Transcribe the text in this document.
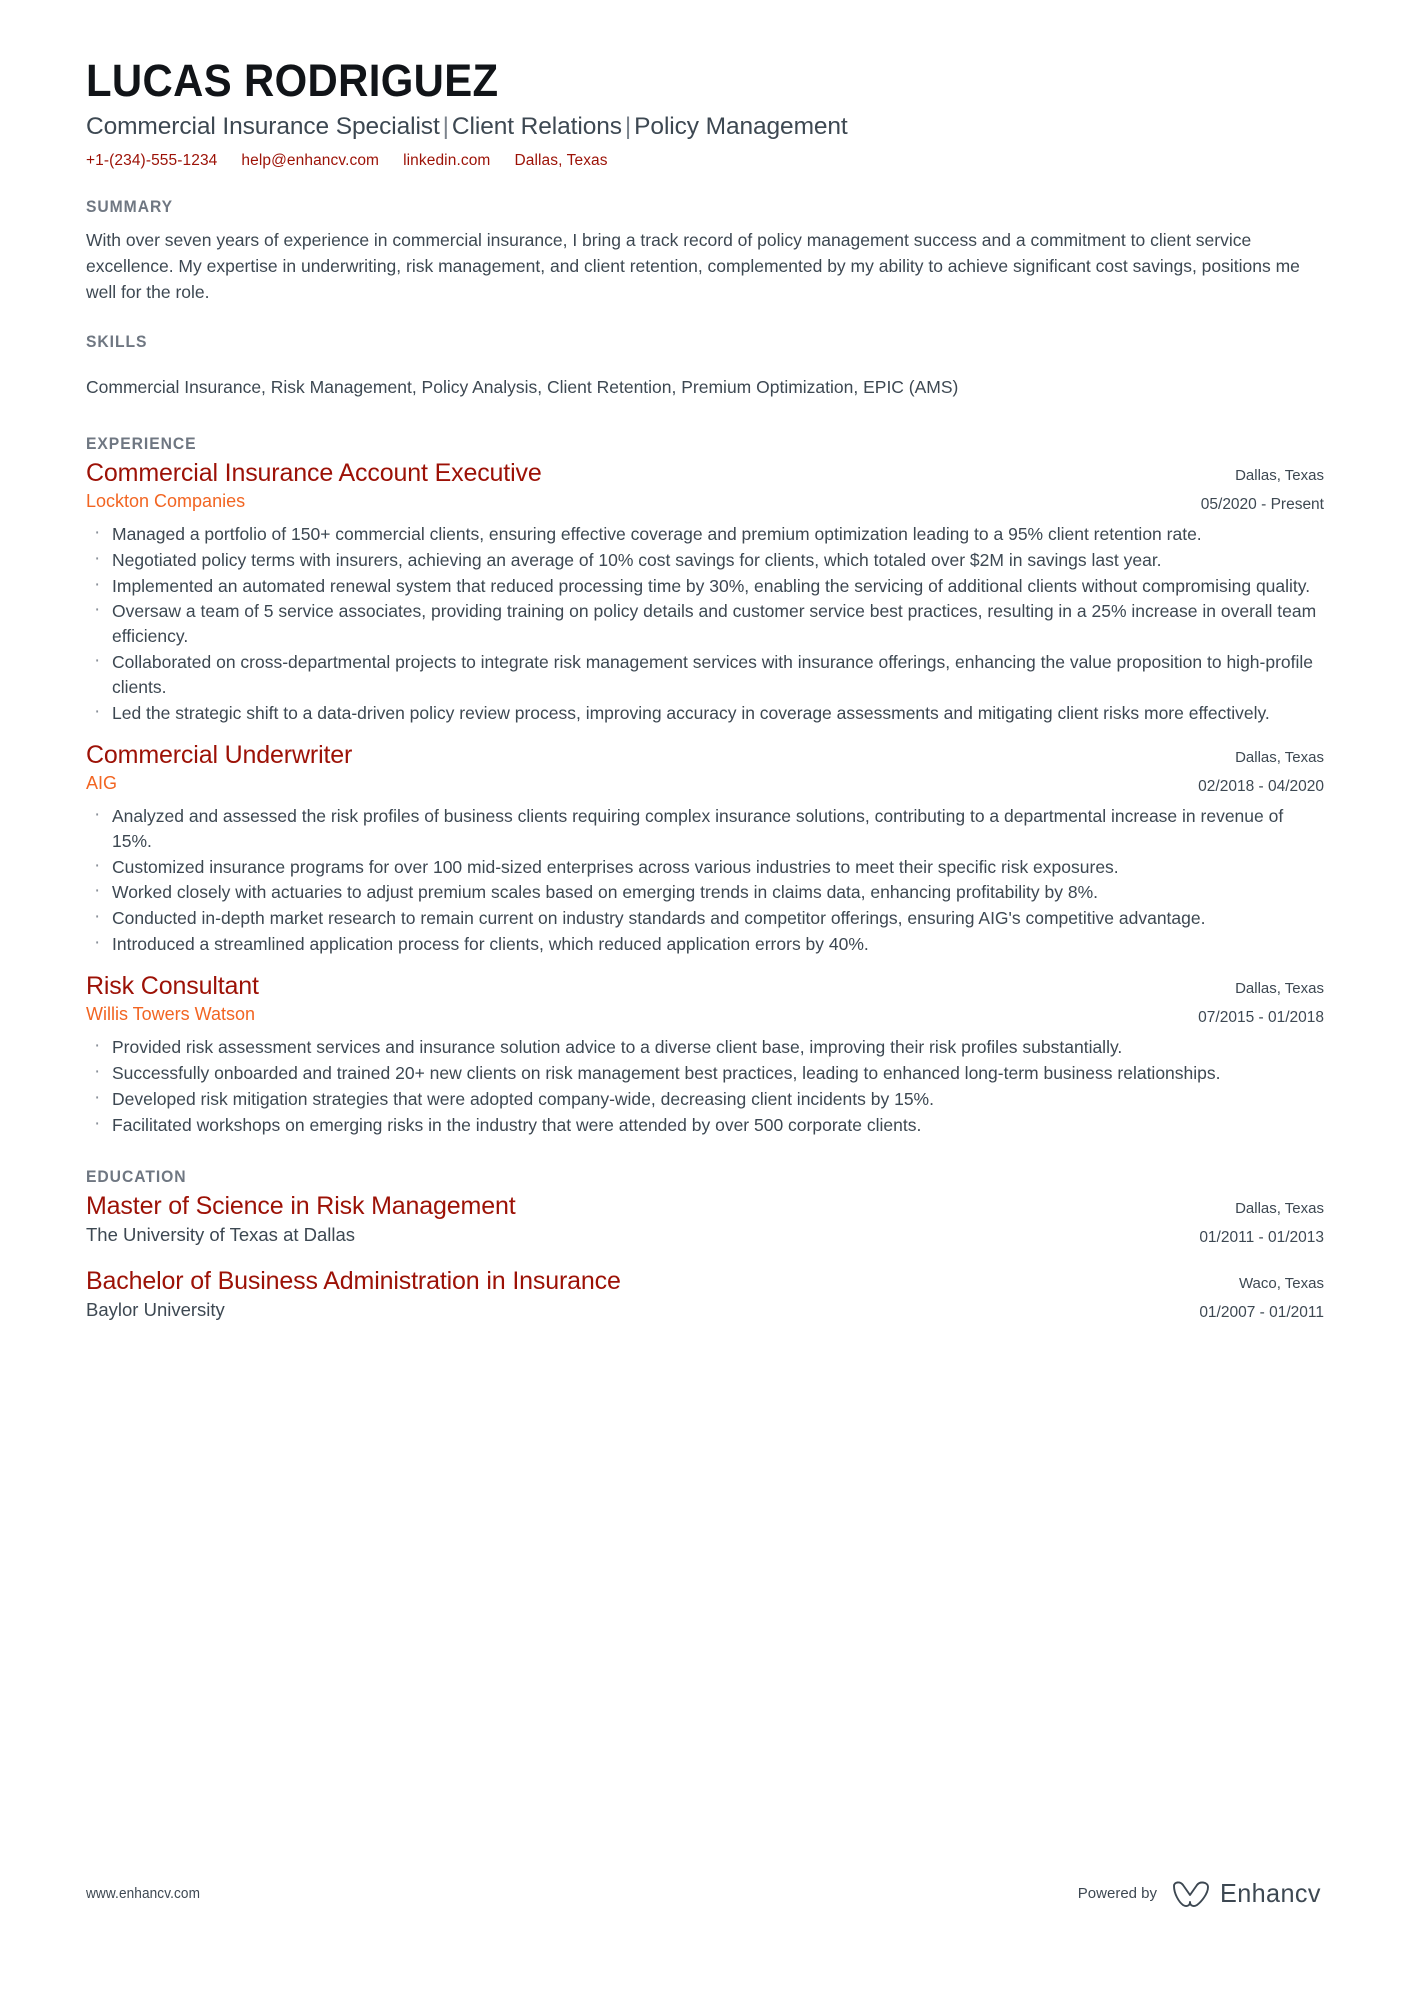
LUCAS RODRIGUEZ
Commercial Insurance Specialist | Client Relations | Policy Management
+1-(234)-555-1234 help@enhancv.com linkedin.com Dallas, Texas
SUMMARY
With over seven years of experience in commercial insurance, I bring a track record of policy management success and a commitment to client service excellence. My expertise in underwriting, risk management, and client retention, complemented by my ability to achieve significant cost savings, positions me well for the role.
SKILLS
Commercial Insurance, Risk Management, Policy Analysis, Client Retention, Premium Optimization, EPIC (AMS)
EXPERIENCE
Commercial Insurance Account Executive
Lockton Companies
Dallas, Texas
05/2020 - Present
· Managed a portfolio of 150+ commercial clients, ensuring effective coverage and premium optimization leading to a 95% client retention rate.
· Negotiated policy terms with insurers, achieving an average of 10% cost savings for clients, which totaled over $2M in savings last year.
· Implemented an automated renewal system that reduced processing time by 30%, enabling the servicing of additional clients without compromising quality.
· Oversaw a team of 5 service associates, providing training on policy details and customer service best practices, resulting in a 25% increase in overall team efficiency.
· Collaborated on cross-departmental projects to integrate risk management services with insurance offerings, enhancing the value proposition to high-profile clients.
· Led the strategic shift to a data-driven policy review process, improving accuracy in coverage assessments and mitigating client risks more effectively.
Commercial Underwriter
AIG
Dallas, Texas
02/2018 - 04/2020
· Analyzed and assessed the risk profiles of business clients requiring complex insurance solutions, contributing to a departmental increase in revenue of 15%.
· Customized insurance programs for over 100 mid-sized enterprises across various industries to meet their specific risk exposures.
· Worked closely with actuaries to adjust premium scales based on emerging trends in claims data, enhancing profitability by 8%.
· Conducted in-depth market research to remain current on industry standards and competitor offerings, ensuring AIG's competitive advantage.
· Introduced a streamlined application process for clients, which reduced application errors by 40%.
Risk Consultant
Willis Towers Watson
Dallas, Texas
07/2015 - 01/2018
· Provided risk assessment services and insurance solution advice to a diverse client base, improving their risk profiles substantially.
· Successfully onboarded and trained 20+ new clients on risk management best practices, leading to enhanced long-term business relationships.
· Developed risk mitigation strategies that were adopted company-wide, decreasing client incidents by 15%.
· Facilitated workshops on emerging risks in the industry that were attended by over 500 corporate clients.
EDUCATION
Master of Science in Risk Management
The University of Texas at Dallas
Dallas, Texas
01/2011 - 01/2013
Bachelor of Business Administration in Insurance
Baylor University
Waco, Texas
01/2007 - 01/2011
www.enhancv.com	Powered by Enhancv
